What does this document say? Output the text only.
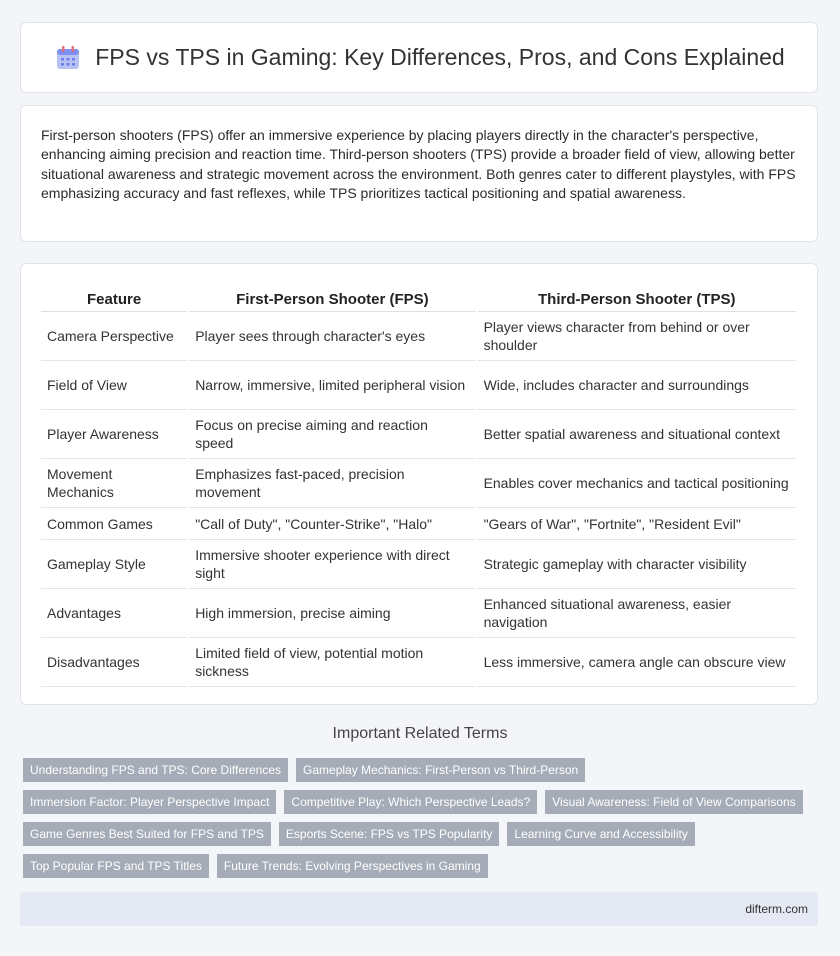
FPS vs TPS in Gaming: Key Differences, Pros, and Cons Explained

First-person shooters (FPS) offer an immersive experience by placing players directly in the character's perspective, enhancing aiming precision and reaction time. Third-person shooters (TPS) provide a broader field of view, allowing better situational awareness and strategic movement across the environment. Both genres cater to different playstyles, with FPS emphasizing accuracy and fast reflexes, while TPS prioritizes tactical positioning and spatial awareness.

Feature	First-Person Shooter (FPS)	Third-Person Shooter (TPS)
Camera Perspective	Player sees through character's eyes	Player views character from behind or over shoulder
Field of View	Narrow, immersive, limited peripheral vision	Wide, includes character and surroundings
Player Awareness	Focus on precise aiming and reaction speed	Better spatial awareness and situational context
Movement Mechanics	Emphasizes fast-paced, precision movement	Enables cover mechanics and tactical positioning
Common Games	"Call of Duty", "Counter-Strike", "Halo"	"Gears of War", "Fortnite", "Resident Evil"
Gameplay Style	Immersive shooter experience with direct sight	Strategic gameplay with character visibility
Advantages	High immersion, precise aiming	Enhanced situational awareness, easier navigation
Disadvantages	Limited field of view, potential motion sickness	Less immersive, camera angle can obscure view
Important Related Terms
Understanding FPS and TPS: Core Differences	Gameplay Mechanics: First-Person vs Third-Person
Immersion Factor: Player Perspective Impact	Competitive Play: Which Perspective Leads?	Visual Awareness: Field of View Comparisons
Game Genres Best Suited for FPS and TPS	Esports Scene: FPS vs TPS Popularity	Learning Curve and Accessibility
Top Popular FPS and TPS Titles	Future Trends: Evolving Perspectives in Gaming
difterm.com
